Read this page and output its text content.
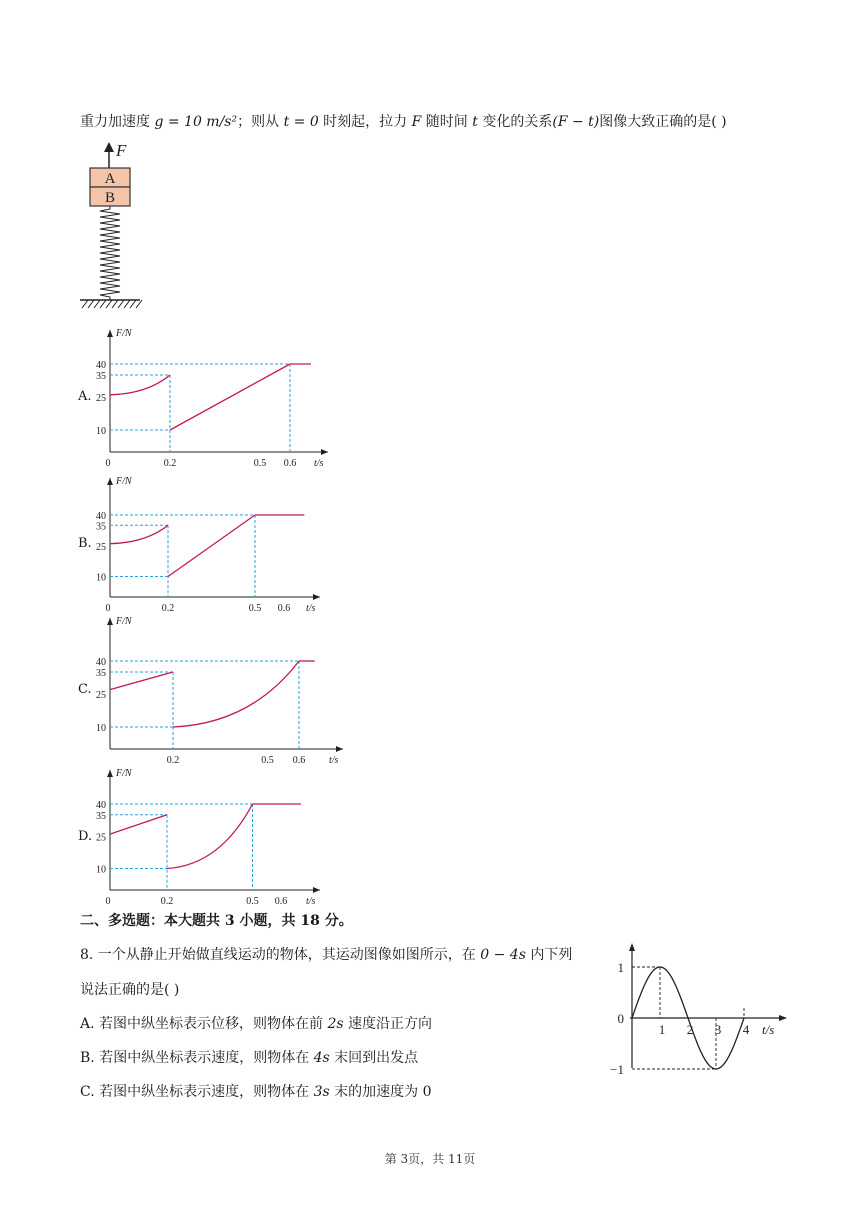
重力加速度 g = 10 m/s²；则从 t = 0 时刻起，拉力 F 随时间 t 变化的关系(F − t)图像大致正确的是( )
F
A
B
A.
B.
C.
D.
F/N
t/s
40
35
25
10
0	0.2	0.5 0.6
F/N
t/s
40
35
25
10
0	0.2	0.5 0.6
F/N
t/s
40
35
25
10
0.2	0.5 0.6
F/N
t/s
40
35
25
10
0	0.2	0.5 0.6
二、多选题：本大题共 3 小题，共 18 分。
8. 一个从静止开始做直线运动的物体，其运动图像如图所示，在 0 − 4s 内下列
说法正确的是( )
A. 若图中纵坐标表示位移，则物体在前 2s 速度沿正方向
B. 若图中纵坐标表示速度，则物体在 4s 末回到出发点
C. 若图中纵坐标表示速度，则物体在 3s 末的加速度为 0
t/s
1
0
−1
1 2 3 4
第 3页，共 11页
